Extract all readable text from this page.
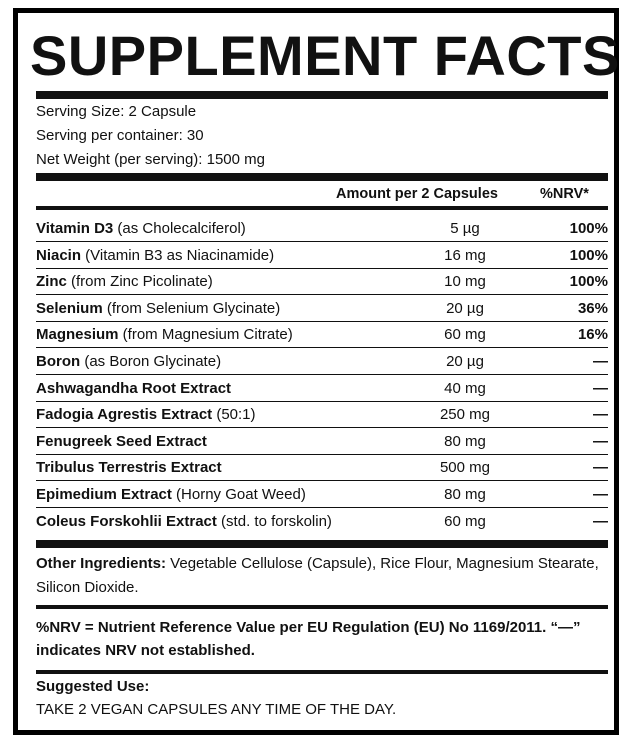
SUPPLEMENT FACTS
Serving Size: 2 Capsule
Serving per container: 30
Net Weight (per serving): 1500 mg
Amount per 2 Capsules	%NRV*
Vitamin D3 (as Cholecalciferol)	5 µg	100%
Niacin (Vitamin B3 as Niacinamide)	16 mg	100%
Zinc (from Zinc Picolinate)	10 mg	100%
Selenium (from Selenium Glycinate)	20 µg	36%
Magnesium (from Magnesium Citrate)	60 mg	16%
Boron (as Boron Glycinate)	20 µg	—
Ashwagandha Root Extract	40 mg	—
Fadogia Agrestis Extract (50:1)	250 mg	—
Fenugreek Seed Extract	80 mg	—
Tribulus Terrestris Extract	500 mg	—
Epimedium Extract (Horny Goat Weed)	80 mg	—
Coleus Forskohlii Extract (std. to forskolin)	60 mg	—
Other Ingredients: Vegetable Cellulose (Capsule), Rice Flour, Magnesium Stearate, Silicon Dioxide.
%NRV = Nutrient Reference Value per EU Regulation (EU) No 1169/2011. “—” indicates NRV not established.
Suggested Use:
TAKE 2 VEGAN CAPSULES ANY TIME OF THE DAY.
